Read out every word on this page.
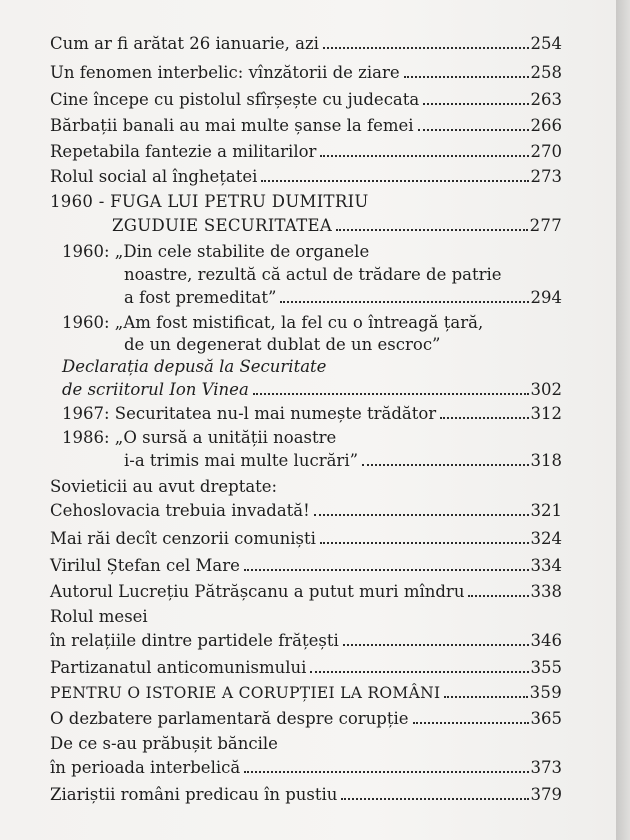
Cum ar fi arătat 26 ianuarie, azi	254
Un fenomen interbelic: vînzătorii de ziare	258
Cine începe cu pistolul sfîrșește cu judecata	263
Bărbații banali au mai multe șanse la femei	266
Repetabila fantezie a militarilor	270
Rolul social al înghețatei	273
1960 - FUGA LUI PETRU DUMITRIU
ZGUDUIE SECURITATEA	277
1960: „Din cele stabilite de organele
noastre, rezultă că actul de trădare de patrie
a fost premeditat”	294
1960: „Am fost mistificat, la fel cu o întreagă țară,
de un degenerat dublat de un escroc”
Declarația depusă la Securitate
de scriitorul Ion Vinea	302
1967: Securitatea nu-l mai numește trădător	312
1986: „O sursă a unității noastre
i-a trimis mai multe lucrări”	318
Sovieticii au avut dreptate:
Cehoslovacia trebuia invadată!	321
Mai răi decît cenzorii comuniști	324
Virilul Ștefan cel Mare	334
Autorul Lucrețiu Pătrășcanu a putut muri mîndru	338
Rolul mesei
în relațiile dintre partidele frățești	346
Partizanatul anticomunismului	355
PENTRU O ISTORIE A CORUPȚIEI LA ROMÂNI	359
O dezbatere parlamentară despre corupție	365
De ce s-au prăbușit băncile
în perioada interbelică	373
Ziariștii români predicau în pustiu	379
